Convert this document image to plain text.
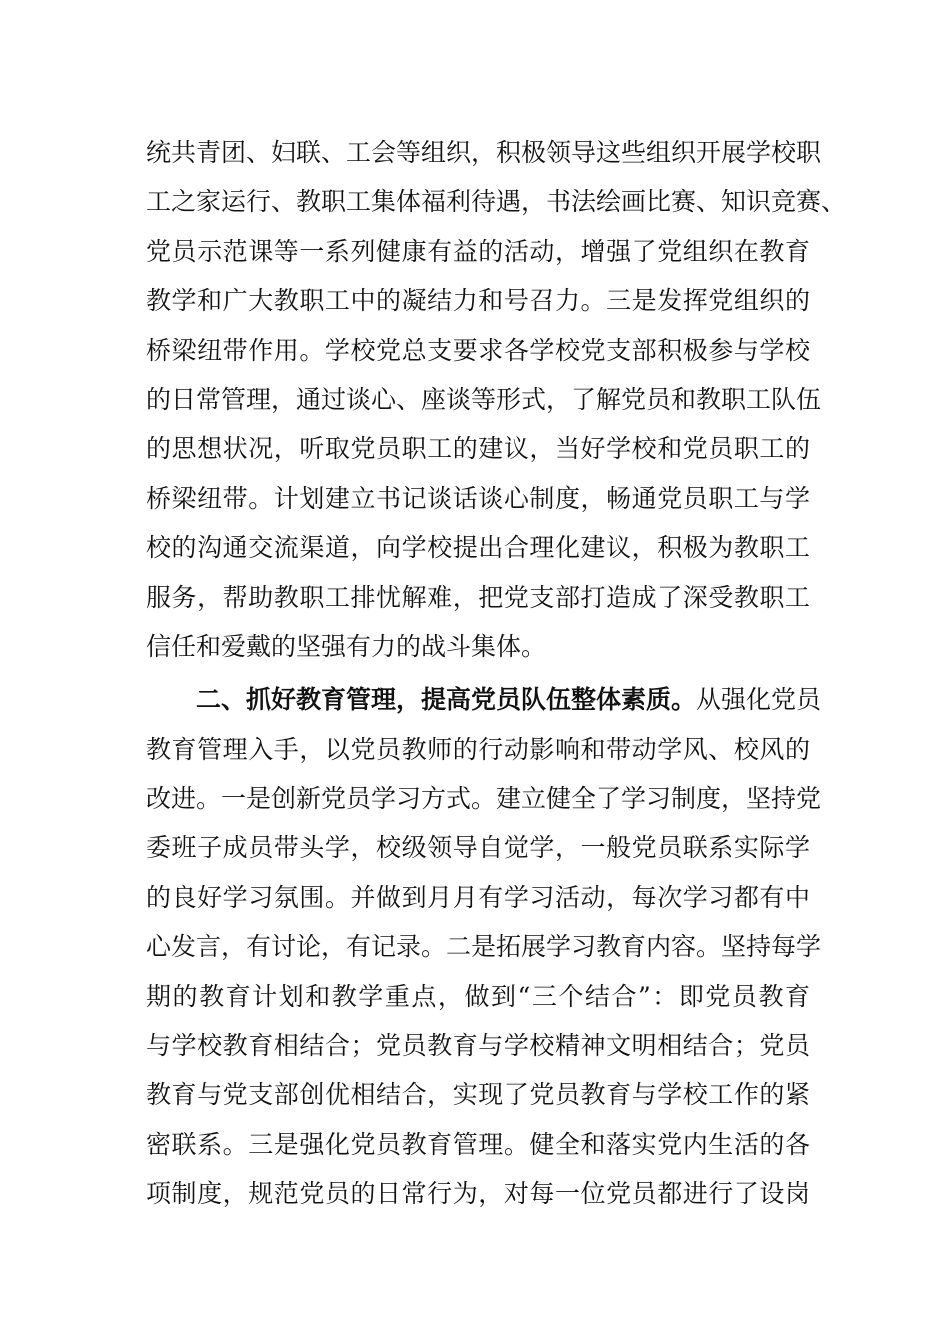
统共青团、妇联、工会等组织，积极领导这些组织开展学校职
工之家运行、教职工集体福利待遇，书法绘画比赛、知识竞赛、
党员示范课等一系列健康有益的活动，增强了党组织在教育
教学和广大教职工中的凝结力和号召力。三是发挥党组织的
桥梁纽带作用。学校党总支要求各学校党支部积极参与学校
的日常管理，通过谈心、座谈等形式，了解党员和教职工队伍
的思想状况，听取党员职工的建议，当好学校和党员职工的
桥梁纽带。计划建立书记谈话谈心制度，畅通党员职工与学
校的沟通交流渠道，向学校提出合理化建议，积极为教职工
服务，帮助教职工排忧解难，把党支部打造成了深受教职工
信任和爱戴的坚强有力的战斗集体。
二、抓好教育管理，提高党员队伍整体素质。从强化党员
教育管理入手，以党员教师的行动影响和带动学风、校风的
改进。一是创新党员学习方式。建立健全了学习制度，坚持党
委班子成员带头学，校级领导自觉学，一般党员联系实际学
的良好学习氛围。并做到月月有学习活动，每次学习都有中
心发言，有讨论，有记录。二是拓展学习教育内容。坚持每学
期的教育计划和教学重点，做到“三个结合”：即党员教育
与学校教育相结合；党员教育与学校精神文明相结合；党员
教育与党支部创优相结合，实现了党员教育与学校工作的紧
密联系。三是强化党员教育管理。健全和落实党内生活的各
项制度，规范党员的日常行为，对每一位党员都进行了设岗
